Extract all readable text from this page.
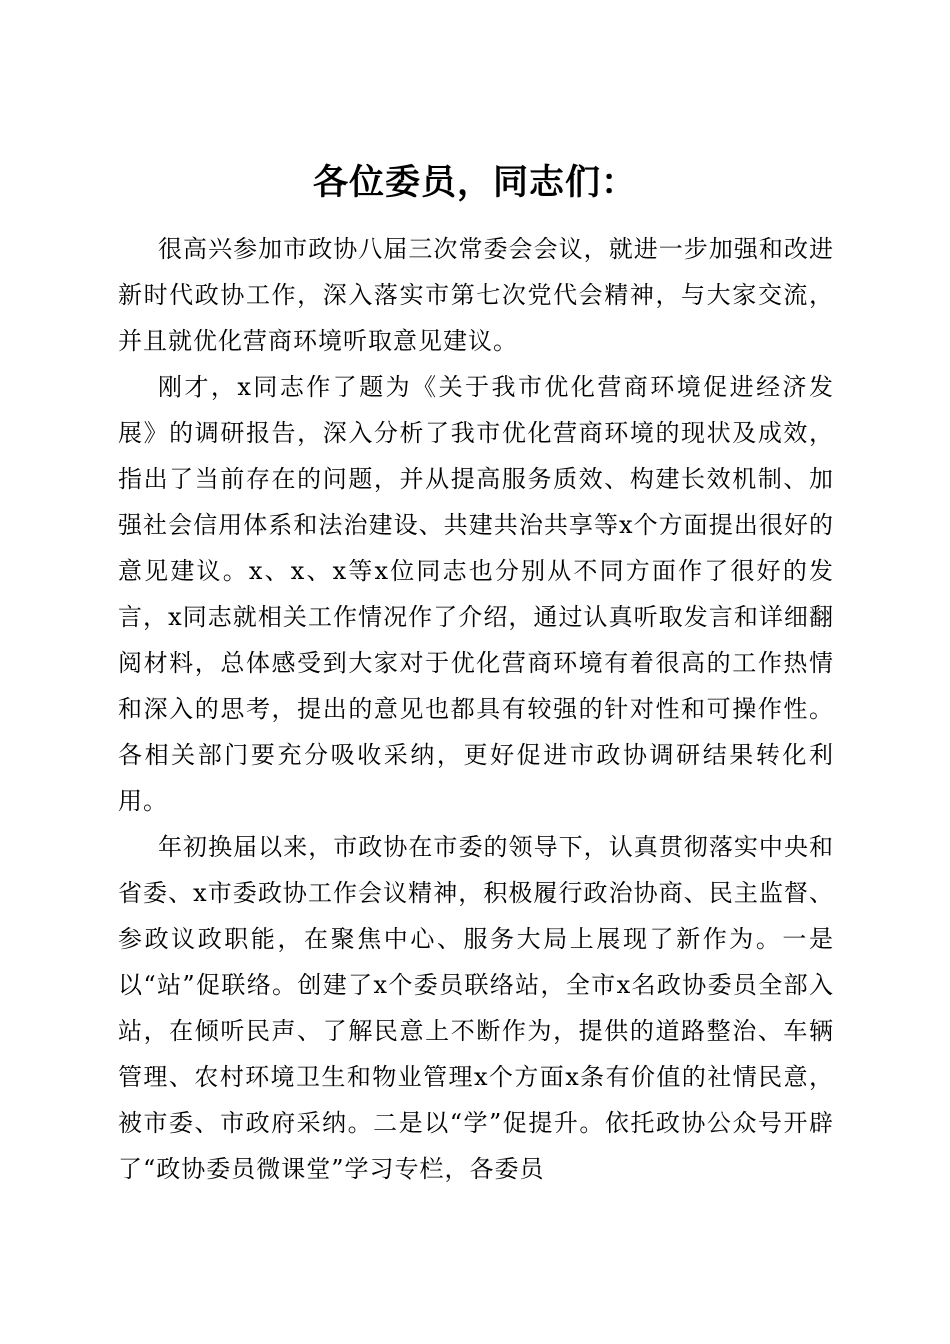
各位委员，同志们：

很高兴参加市政协八届三次常委会会议，就进一步加强和改进新时代政协工作，深入落实市第七次党代会精神，与大家交流，并且就优化营商环境听取意见建议。

刚才，x同志作了题为《关于我市优化营商环境促进经济发展》的调研报告，深入分析了我市优化营商环境的现状及成效，指出了当前存在的问题，并从提高服务质效、构建长效机制、加强社会信用体系和法治建设、共建共治共享等x个方面提出很好的意见建议。x、x、x等x位同志也分别从不同方面作了很好的发言，x同志就相关工作情况作了介绍，通过认真听取发言和详细翻阅材料，总体感受到大家对于优化营商环境有着很高的工作热情和深入的思考，提出的意见也都具有较强的针对性和可操作性。各相关部门要充分吸收采纳，更好促进市政协调研结果转化利用。

年初换届以来，市政协在市委的领导下，认真贯彻落实中央和省委、x市委政协工作会议精神，积极履行政治协商、民主监督、参政议政职能，在聚焦中心、服务大局上展现了新作为。一是以“站”促联络。创建了x个委员联络站，全市x名政协委员全部入站，在倾听民声、了解民意上不断作为，提供的道路整治、车辆管理、农村环境卫生和物业管理x个方面x条有价值的社情民意，被市委、市政府采纳。二是以“学”促提升。依托政协公众号开辟了“政协委员微课堂”学习专栏，各委员
